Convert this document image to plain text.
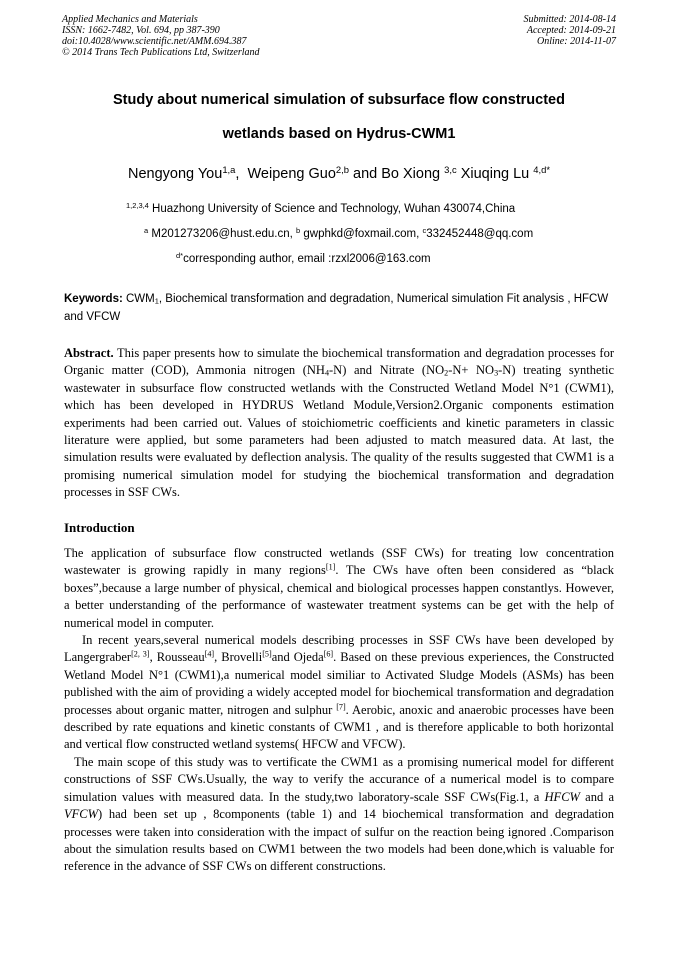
Applied Mechanics and Materials
ISSN: 1662-7482, Vol. 694, pp 387-390
doi:10.4028/www.scientific.net/AMM.694.387
© 2014 Trans Tech Publications Ltd, Switzerland
Submitted: 2014-08-14
Accepted: 2014-09-21
Online: 2014-11-07
Study about numerical simulation of subsurface flow constructed
wetlands based on Hydrus-CWM1
Nengyong You$^{1,a}$,  Weipeng Guo$^{2,b}$ and Bo Xiong $^{3,c}$ Xiuqing Lu $^{4,d*}$
$^{1,2,3,4}$ Huazhong University of Science and Technology, Wuhan 430074,China
$^a$ M201273206@hust.edu.cn, $^b$ gwphkd@foxmail.com, $^c$332452448@qq.com
$^{d*}$corresponding author, email :rzxl2006@163.com
Keywords: $CWM_1$, Biochemical transformation and degradation, Numerical simulation Fit analysis , HFCW and VFCW

Abstract. This paper presents how to simulate the biochemical transformation and degradation processes for Organic matter (COD), Ammonia nitrogen $(NH_4-N)$ and Nitrate $(NO_2-N+ NO_3-N)$ treating synthetic wastewater in subsurface flow constructed wetlands with the Constructed Wetland Model N°1 (CWM1), which has been developed in HYDRUS Wetland Module,Version2.Organic components estimation experiments had been carried out. Values of stoichiometric coefficients and kinetic parameters in classic literature were applied, but some parameters had been adjusted to match measured data. At last, the simulation results were evaluated by deflection analysis. The quality of the results suggested that CWM1 is a promising numerical simulation model for studying the biochemical transformation and degradation processes in SSF CWs.

Introduction

The application of subsurface flow constructed wetlands (SSF CWs) for treating low concentration wastewater is growing rapidly in many regions[1]. The CWs have often been considered as “black boxes”,because a large number of physical, chemical and biological processes happen constantlys. However, a better understanding of the performance of wastewater treatment systems can be get with the help of numerical model in computer.

In recent years,several numerical models describing processes in SSF CWs have been developed by Langergraber[2, 3], Rousseau[4], Brovelli[5]and Ojeda[6]. Based on these previous experiences, the Constructed Wetland Model N°1 (CWM1),a numerical model similiar to Activated Sludge Models (ASMs) has been published with the aim of providing a widely accepted model for biochemical transformation and degradation processes about organic matter, nitrogen and sulphur [7]. Aerobic, anoxic and anaerobic processes have been described by rate equations and kinetic constants of CWM1 , and is therefore applicable to both horizontal and vertical flow constructed wetland systems( HFCW and VFCW).

The main scope of this study was to vertificate the CWM1 as a promising numerical model for different constructions of SSF CWs.Usually, the way to verify the accurance of a numerical model is to compare simulation values with measured data. In the study,two laboratory-scale SSF CWs(Fig.1, a HFCW and a VFCW) had been set up , 8components (table 1) and 14 biochemical transformation and degradation processes were taken into consideration with the impact of sulfur on the reaction being ignored .Comparison about the simulation results based on CWM1 between the two models had been done,which is valuable for reference in the advance of SSF CWs on different constructions.
